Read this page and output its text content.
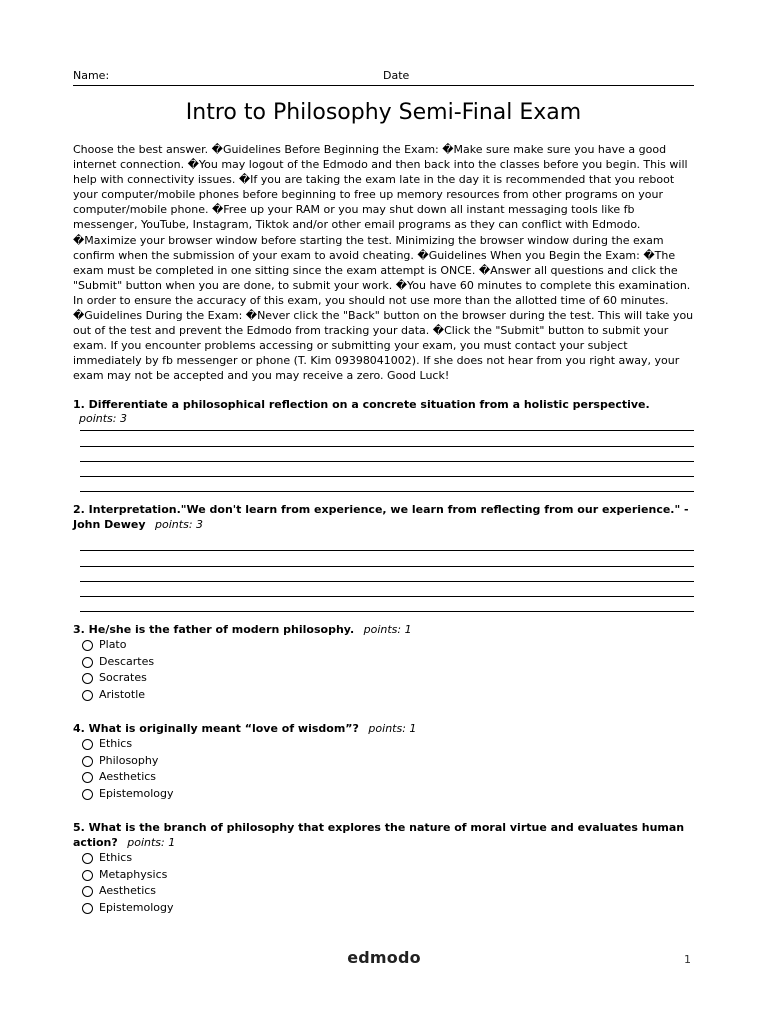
Name:	Date
Intro to Philosophy Semi-Final Exam

Choose the best answer. �Guidelines Before Beginning the Exam: �Make sure make sure you have a good internet connection. �You may logout of the Edmodo and then back into the classes before you begin. This will help with connectivity issues. �If you are taking the exam late in the day it is recommended that you reboot your computer/mobile phones before beginning to free up memory resources from other programs on your computer/mobile phone. �Free up your RAM or you may shut down all instant messaging tools like fb messenger, YouTube, Instagram, Tiktok and/or other email programs as they can conflict with Edmodo. �Maximize your browser window before starting the test. Minimizing the browser window during the exam confirm when the submission of your exam to avoid cheating. �Guidelines When you Begin the Exam: �The exam must be completed in one sitting since the exam attempt is ONCE. �Answer all questions and click the "Submit" button when you are done, to submit your work. �You have 60 minutes to complete this examination. In order to ensure the accuracy of this exam, you should not use more than the allotted time of 60 minutes. �Guidelines During the Exam: �Never click the "Back" button on the browser during the test. This will take you out of the test and prevent the Edmodo from tracking your data. �Click the "Submit" button to submit your exam. If you encounter problems accessing or submitting your exam, you must contact your subject immediately by fb messenger or phone (T. Kim 09398041002). If she does not hear from you right away, your exam may not be accepted and you may receive a zero. Good Luck!

1. Differentiate a philosophical reflection on a concrete situation from a holistic perspective. points: 3
2. Interpretation."We don't learn from experience, we learn from reflecting from our experience." - John Dewey points: 3
3. He/she is the father of modern philosophy. points: 1
Plato
Descartes
Socrates
Aristotle
4. What is originally meant “love of wisdom”? points: 1
Ethics
Philosophy
Aesthetics
Epistemology
5. What is the branch of philosophy that explores the nature of moral virtue and evaluates human action? points: 1
Ethics
Metaphysics
Aesthetics
Epistemology
edmodo	1
